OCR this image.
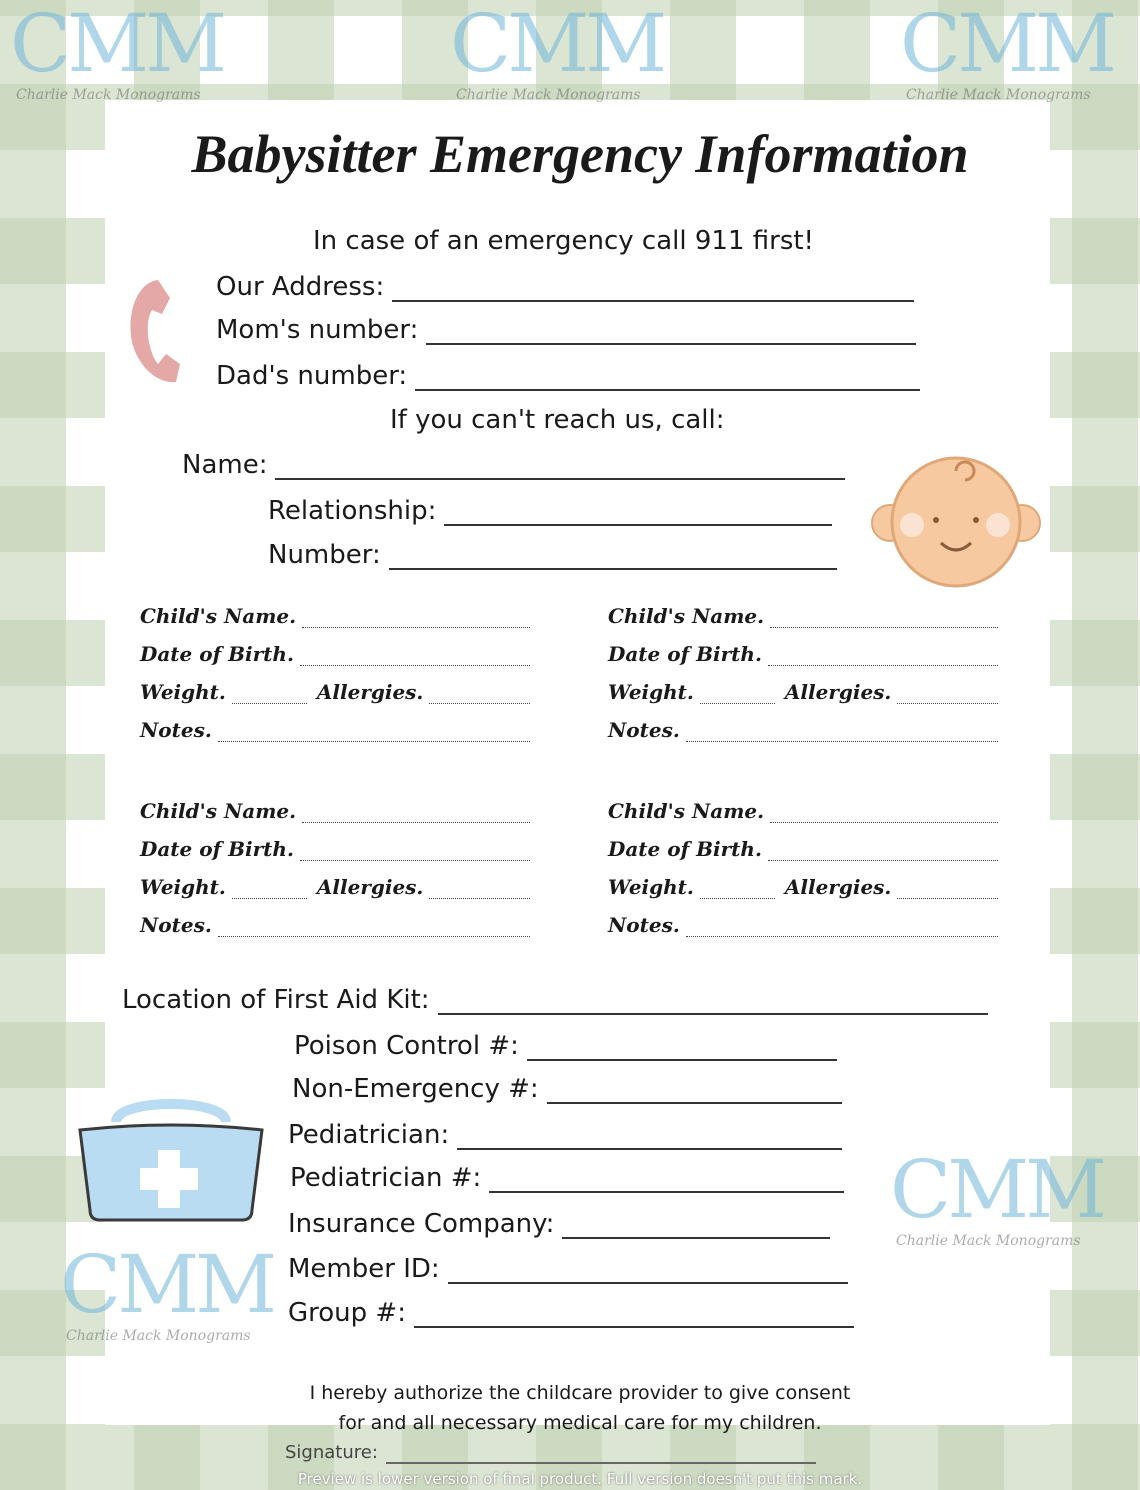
CMM
Charlie Mack Monograms
CMM
Charlie Mack Monograms
CMM
Charlie Mack Monograms
CMM
Charlie Mack Monograms
CMM
Charlie Mack Monograms
Babysitter Emergency Information
In case of an emergency call 911 first!
Our Address:
Mom's number:
Dad's number:
If you can't reach us, call:
Name:
Relationship:
Number:
Child's Name.
Date of Birth.
Weight.	Allergies.
Notes.
Child's Name.
Date of Birth.
Weight.	Allergies.
Notes.
Child's Name.
Date of Birth.
Weight.	Allergies.
Notes.
Child's Name.
Date of Birth.
Weight.	Allergies.
Notes.
Location of First Aid Kit:
Poison Control #:
Non-Emergency #:
Pediatrician:
Pediatrician #:
Insurance Company:
Member ID:
Group #:
I hereby authorize the childcare provider to give consent
for and all necessary medical care for my children.
Signature:
Preview is lower version of final product. Full version doesn't put this mark.
